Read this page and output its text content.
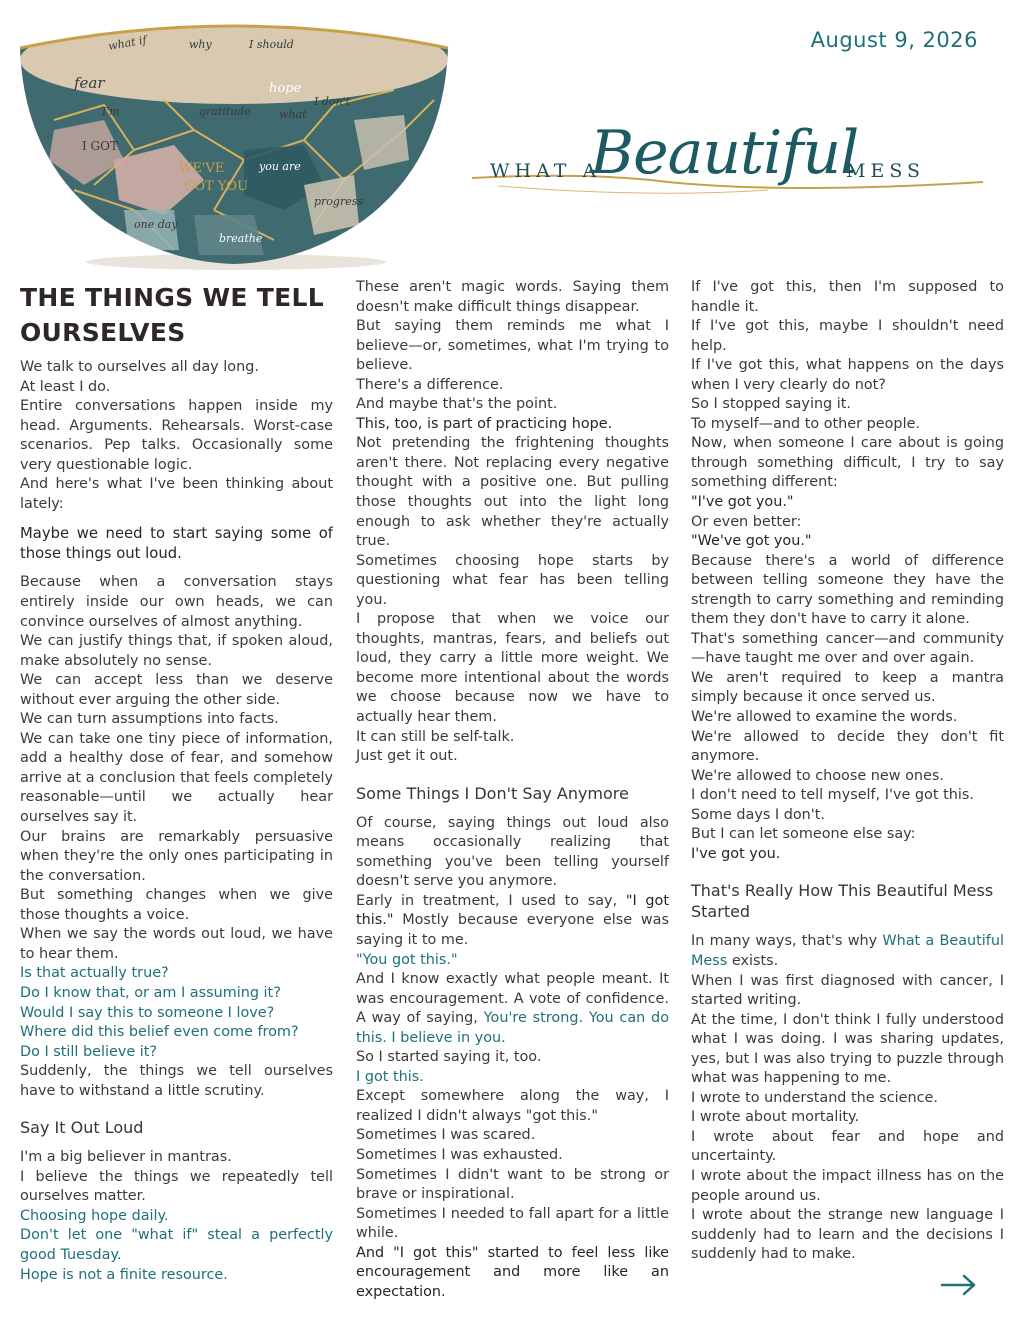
August 9, 2026
what if	why	I should
fear	hope
I don't
I'm	gratitude	what
I GOT
WE'VE
GOT YOU
you are
progress
one day
breathe
WHAT A
Beautiful
MESS
THE THINGS WE TELL OURSELVES

We talk to ourselves all day long.

At least I do.

Entire conversations happen inside my head. Arguments. Rehearsals. Worst-case scenarios. Pep talks. Occasionally some very questionable logic.

And here's what I've been thinking about lately:

Maybe we need to start saying some of those things out loud.

Because when a conversation stays entirely inside our own heads, we can convince ourselves of almost anything.

We can justify things that, if spoken aloud, make absolutely no sense.

We can accept less than we deserve without ever arguing the other side.

We can turn assumptions into facts.

We can take one tiny piece of information, add a healthy dose of fear, and somehow arrive at a conclusion that feels completely reasonable—until we actually hear ourselves say it.

Our brains are remarkably persuasive when they're the only ones participating in the conversation.

But something changes when we give those thoughts a voice.

When we say the words out loud, we have to hear them.

Is that actually true?

Do I know that, or am I assuming it?

Would I say this to someone I love?

Where did this belief even come from?

Do I still believe it?

Suddenly, the things we tell ourselves have to withstand a little scrutiny.

Say It Out Loud

I'm a big believer in mantras.

I believe the things we repeatedly tell ourselves matter.

Choosing hope daily.

Don't let one "what if" steal a perfectly good Tuesday.

Hope is not a finite resource.

These aren't magic words. Saying them doesn't make difficult things disappear.

But saying them reminds me what I believe—or, sometimes, what I'm trying to believe.

There's a difference.

And maybe that's the point.

This, too, is part of practicing hope.

Not pretending the frightening thoughts aren't there. Not replacing every negative thought with a positive one. But pulling those thoughts out into the light long enough to ask whether they're actually true.

Sometimes choosing hope starts by questioning what fear has been telling you.

I propose that when we voice our thoughts, mantras, fears, and beliefs out loud, they carry a little more weight. We become more intentional about the words we choose because now we have to actually hear them.

It can still be self-talk.

Just get it out.

Some Things I Don't Say Anymore

Of course, saying things out loud also means occasionally realizing that something you've been telling yourself doesn't serve you anymore.

Early in treatment, I used to say, "I got this." Mostly because everyone else was saying it to me.

"You got this."

And I know exactly what people meant. It was encouragement. A vote of confidence. A way of saying, You're strong. You can do this. I believe in you.

So I started saying it, too.

I got this.

Except somewhere along the way, I realized I didn't always "got this."

Sometimes I was scared.

Sometimes I was exhausted.

Sometimes I didn't want to be strong or brave or inspirational.

Sometimes I needed to fall apart for a little while.

And "I got this" started to feel less like encouragement and more like an expectation.

If I've got this, then I'm supposed to handle it.

If I've got this, maybe I shouldn't need help.

If I've got this, what happens on the days when I very clearly do not?

So I stopped saying it.

To myself—and to other people.

Now, when someone I care about is going through something difficult, I try to say something different:

"I've got you."

Or even better:

"We've got you."

Because there's a world of difference between telling someone they have the strength to carry something and reminding them they don't have to carry it alone.

That's something cancer—and community—have taught me over and over again.

We aren't required to keep a mantra simply because it once served us.

We're allowed to examine the words.

We're allowed to decide they don't fit anymore.

We're allowed to choose new ones.

I don't need to tell myself, I've got this.

Some days I don't.

But I can let someone else say:

I've got you.

That's Really How This Beautiful Mess Started

In many ways, that's why What a Beautiful Mess exists.

When I was first diagnosed with cancer, I started writing.

At the time, I don't think I fully understood what I was doing. I was sharing updates, yes, but I was also trying to puzzle through what was happening to me.

I wrote to understand the science.

I wrote about mortality.

I wrote about fear and hope and uncertainty.

I wrote about the impact illness has on the people around us.

I wrote about the strange new language I suddenly had to learn and the decisions I suddenly had to make.
